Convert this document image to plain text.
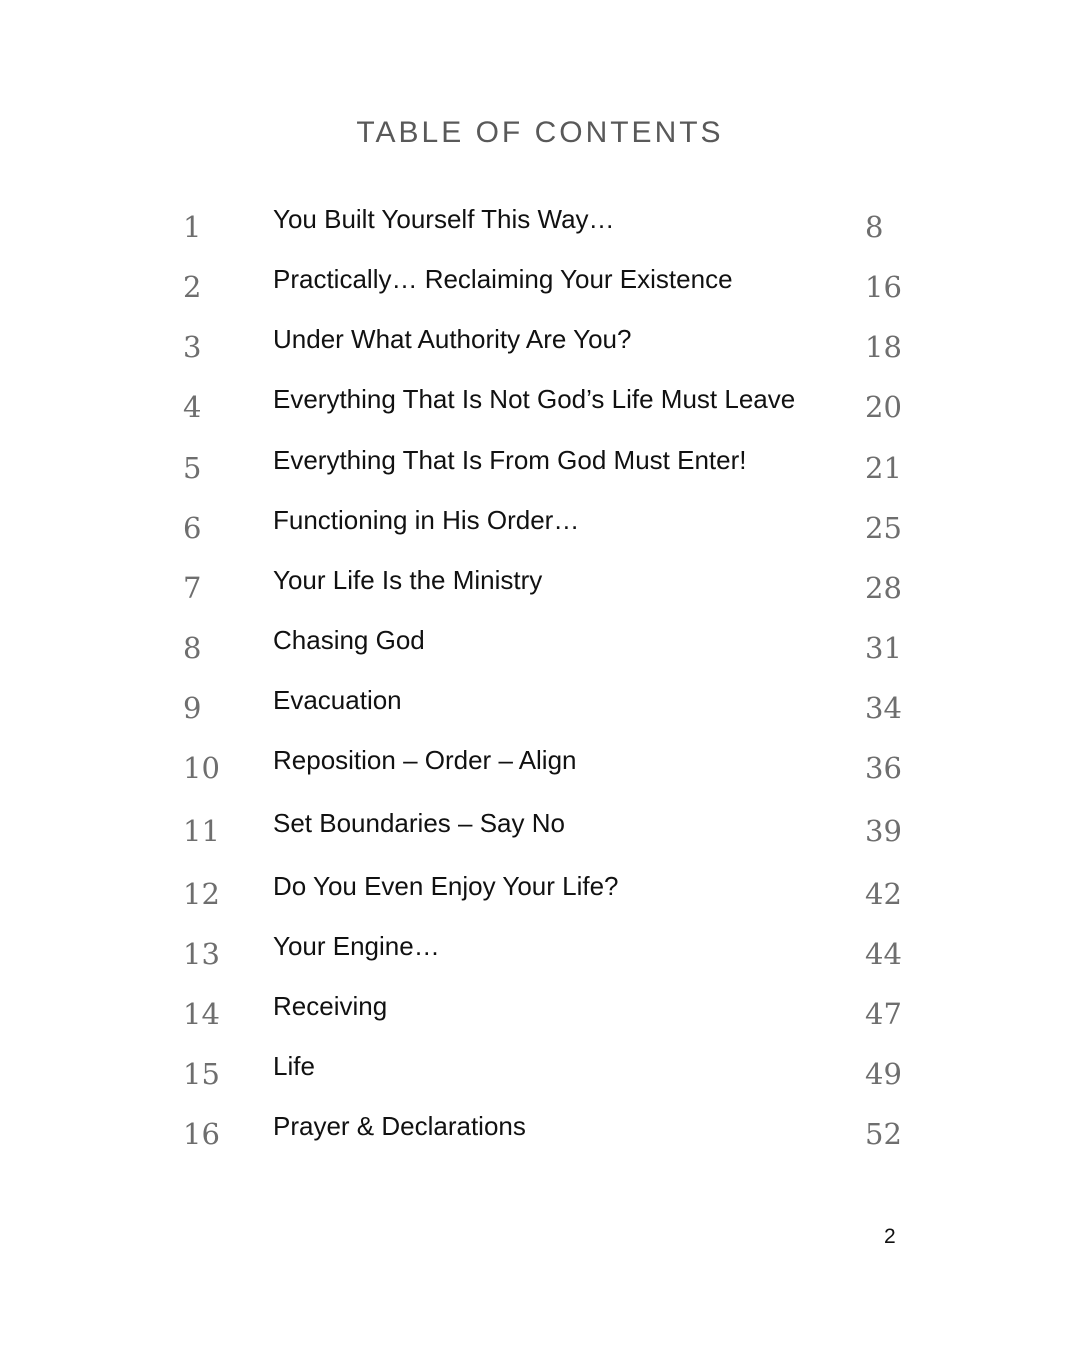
TABLE OF CONTENTS
1	You Built Yourself This Way…	8
2	Practically… Reclaiming Your Existence	16
3	Under What Authority Are You?	18
4	Everything That Is Not God’s Life Must Leave 20
5	Everything That Is From God Must Enter!	21
6	Functioning in His Order…	25
7	Your Life Is the Ministry	28
8	Chasing God	31
9	Evacuation	34
10 Reposition – Order – Align	36
11 Set Boundaries – Say No	39
12 Do You Even Enjoy Your Life?	42
13 Your Engine…	44
14 Receiving	47
15 Life	49
16 Prayer & Declarations	52
2
